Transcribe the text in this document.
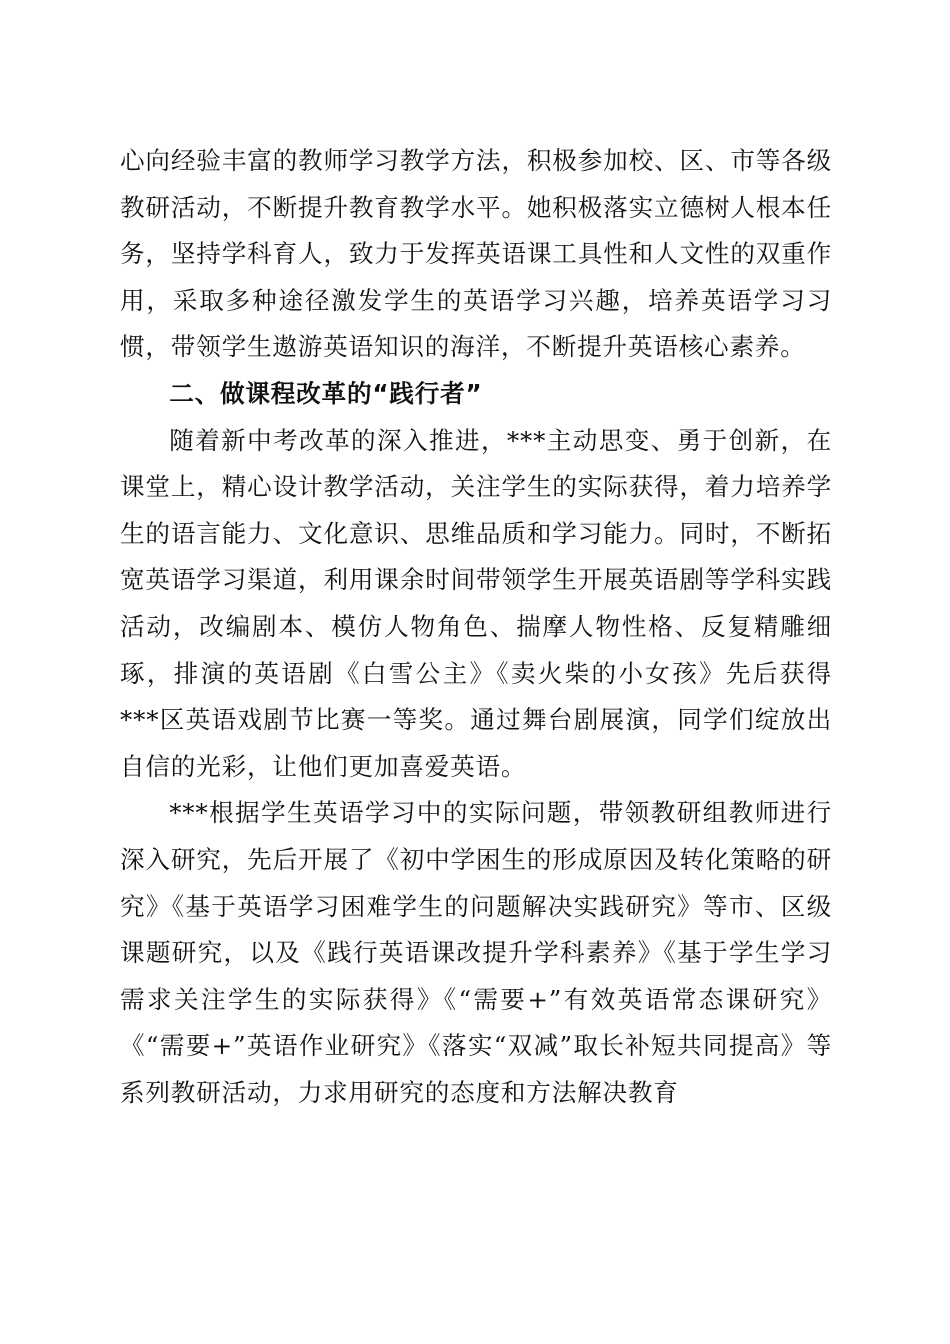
心向经验丰富的教师学习教学方法，积极参加校、区、市等各级教研活动，不断提升教育教学水平。她积极落实立德树人根本任务，坚持学科育人，致力于发挥英语课工具性和人文性的双重作用，采取多种途径激发学生的英语学习兴趣，培养英语学习习惯，带领学生遨游英语知识的海洋，不断提升英语核心素养。

二、做课程改革的“践行者”

随着新中考改革的深入推进，***主动思变、勇于创新，在课堂上，精心设计教学活动，关注学生的实际获得，着力培养学生的语言能力、文化意识、思维品质和学习能力。同时，不断拓宽英语学习渠道，利用课余时间带领学生开展英语剧等学科实践活动，改编剧本、模仿人物角色、揣摩人物性格、反复精雕细琢，排演的英语剧《白雪公主》《卖火柴的小女孩》先后获得***区英语戏剧节比赛一等奖。通过舞台剧展演，同学们绽放出自信的光彩，让他们更加喜爱英语。

***根据学生英语学习中的实际问题，带领教研组教师进行深入研究，先后开展了《初中学困生的形成原因及转化策略的研究》《基于英语学习困难学生的问题解决实践研究》等市、区级课题研究，以及《践行英语课改提升学科素养》《基于学生学习需求关注学生的实际获得》《“需要+”有效英语常态课研究》《“需要+”英语作业研究》《落实“双减”取长补短共同提高》等系列教研活动，力求用研究的态度和方法解决教育
